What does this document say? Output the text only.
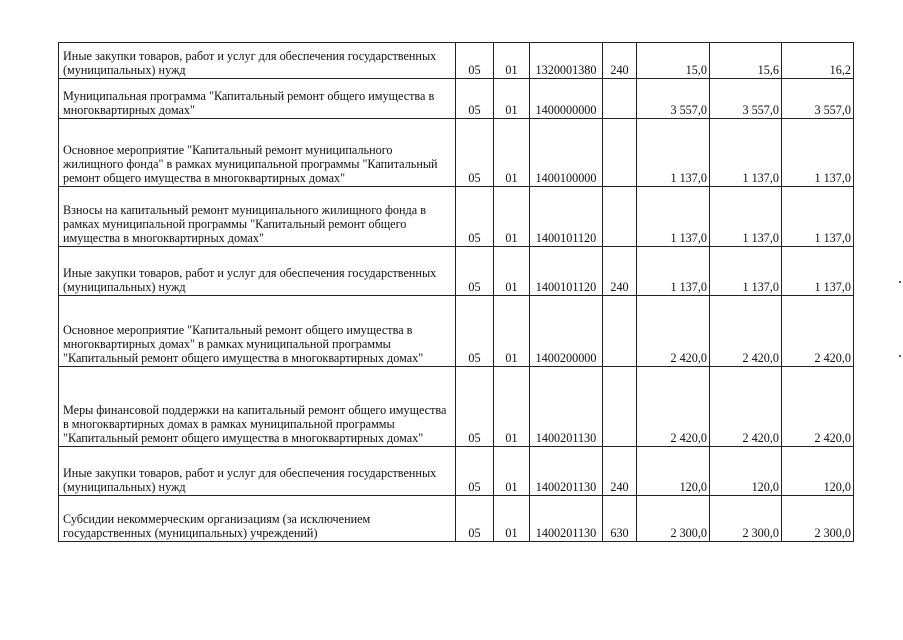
Иные закупки товаров, работ и услуг для обеспечения государственных (муниципальных) нужд	05	01	1320001380	240	15,0	15,6	16,2
Муниципальная программа "Капитальный ремонт общего имущества в многоквартирных домах"	05	01	1400000000		3 557,0	3 557,0	3 557,0
Основное мероприятие "Капитальный ремонт муниципального жилищного фонда" в рамках муниципальной программы "Капитальный ремонт общего имущества в многоквартирных домах"	05	01	1400100000		1 137,0	1 137,0	1 137,0
Взносы на капитальный ремонт муниципального жилищного фонда в рамках муниципальной программы "Капитальный ремонт общего имущества в многоквартирных домах"	05	01	1400101120		1 137,0	1 137,0	1 137,0
Иные закупки товаров, работ и услуг для обеспечения государственных (муниципальных) нужд	05	01	1400101120	240	1 137,0	1 137,0	1 137,0
Основное мероприятие "Капитальный ремонт общего имущества в многоквартирных домах" в рамках муниципальной программы "Капитальный ремонт общего имущества в многоквартирных домах"	05	01	1400200000		2 420,0	2 420,0	2 420,0
Меры финансовой поддержки на капитальный ремонт общего имущества в многоквартирных домах в рамках муниципальной программы "Капитальный ремонт общего имущества в многоквартирных домах"	05	01	1400201130		2 420,0	2 420,0	2 420,0
Иные закупки товаров, работ и услуг для обеспечения государственных (муниципальных) нужд	05	01	1400201130	240	120,0	120,0	120,0
Субсидии некоммерческим организациям (за исключением государственных (муниципальных) учреждений)	05	01	1400201130	630	2 300,0	2 300,0	2 300,0
